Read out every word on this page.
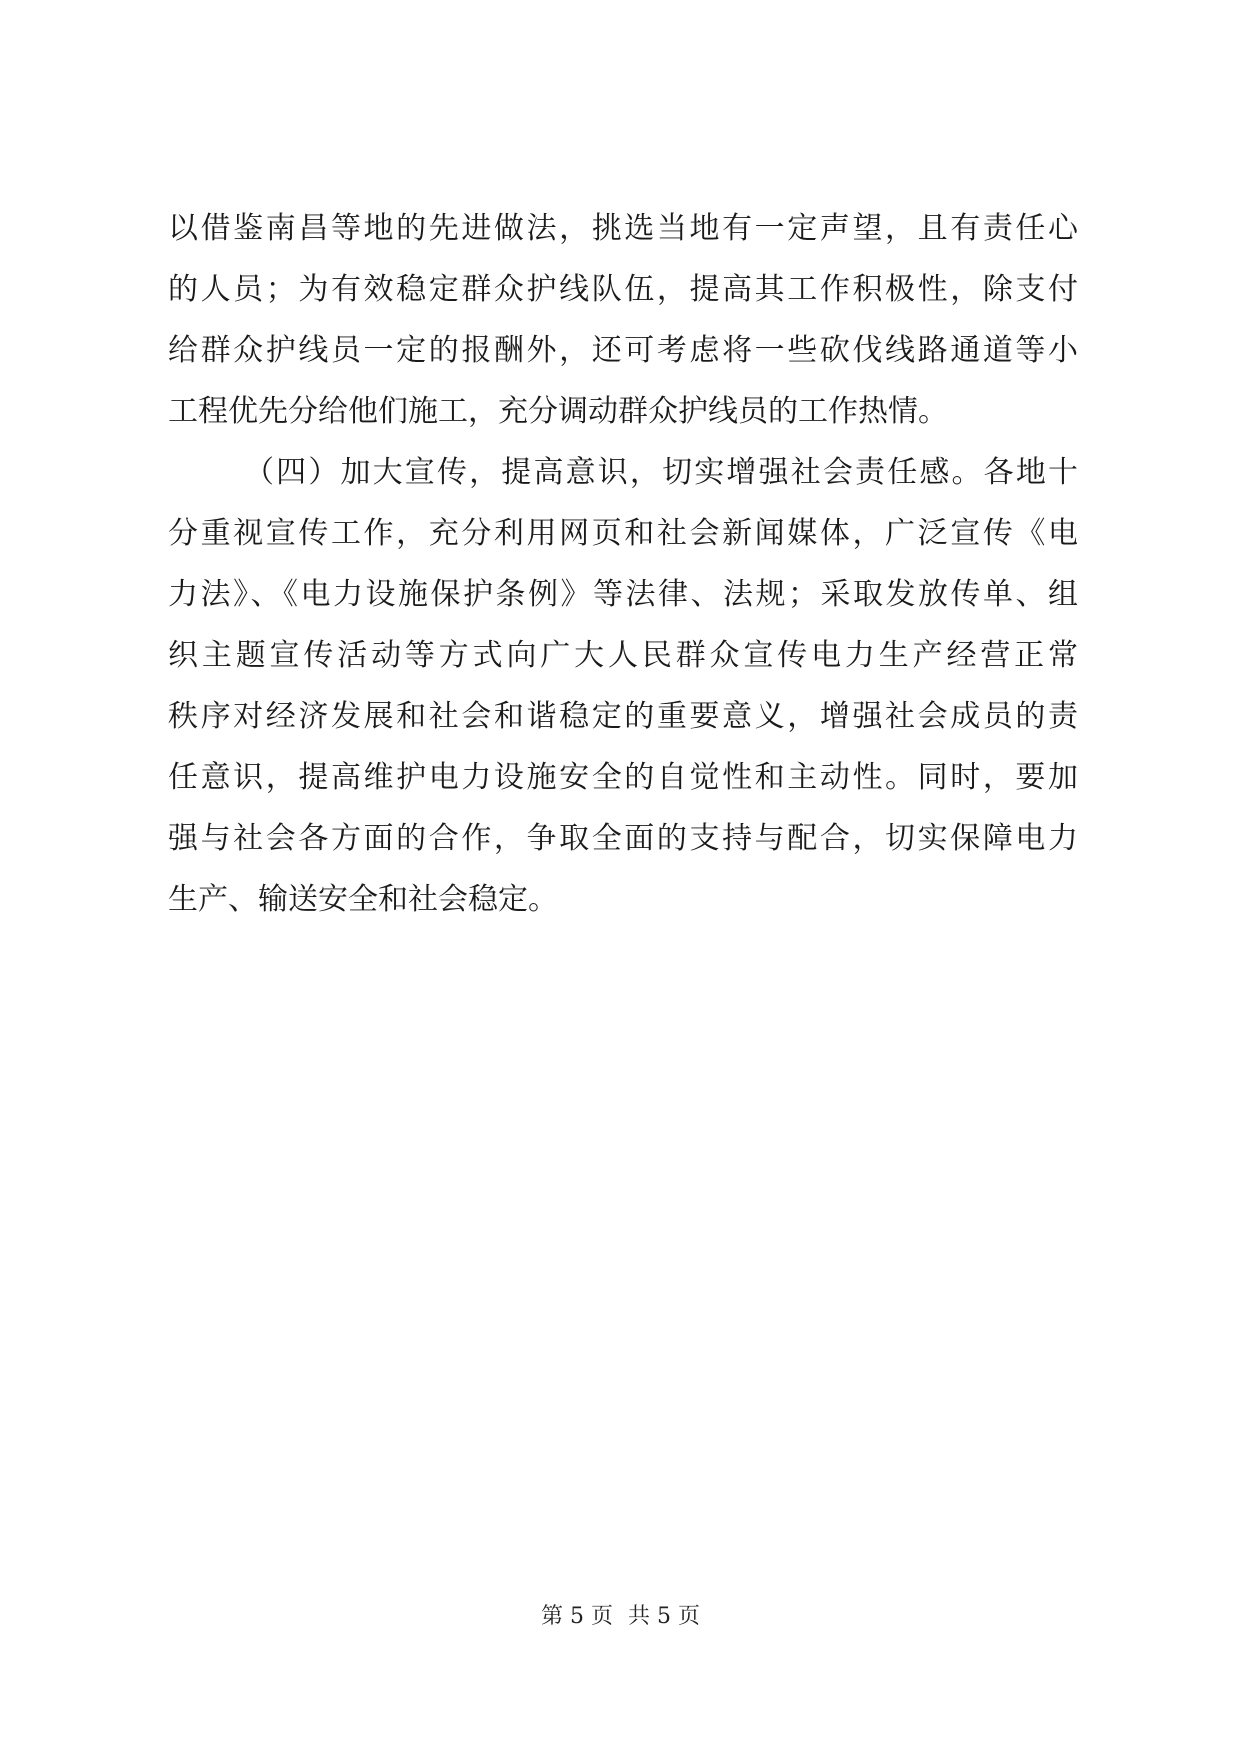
以借鉴南昌等地的先进做法，挑选当地有一定声望，且有责任心
的人员；为有效稳定群众护线队伍，提高其工作积极性，除支付
给群众护线员一定的报酬外，还可考虑将一些砍伐线路通道等小
工程优先分给他们施工，充分调动群众护线员的工作热情。
（四）加大宣传，提高意识，切实增强社会责任感。各地十
分重视宣传工作，充分利用网页和社会新闻媒体，广泛宣传《电
力法》、《电力设施保护条例》等法律、法规；采取发放传单、组
织主题宣传活动等方式向广大人民群众宣传电力生产经营正常
秩序对经济发展和社会和谐稳定的重要意义，增强社会成员的责
任意识，提高维护电力设施安全的自觉性和主动性。同时，要加
强与社会各方面的合作，争取全面的支持与配合，切实保障电力
生产、输送安全和社会稳定。
第 5 页 共 5 页
